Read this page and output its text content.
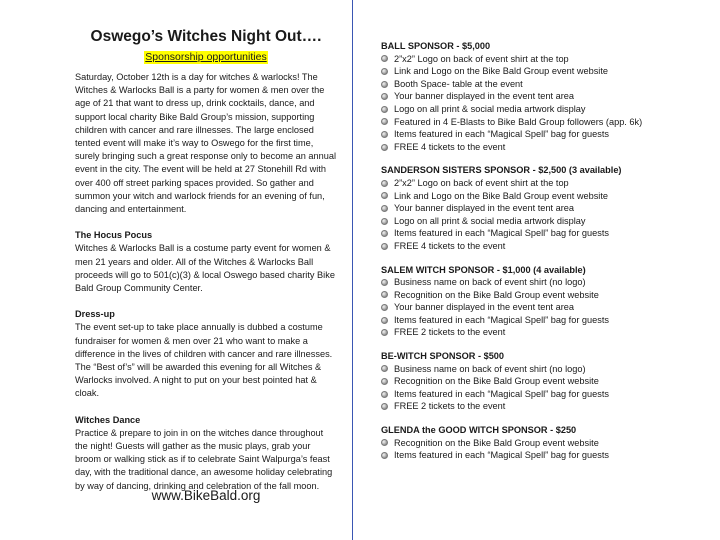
Oswego’s Witches Night Out….
Sponsorship opportunities

Saturday, October 12th is a day for witches & warlocks! The Witches & Warlocks Ball is a party for women & men over the age of 21 that want to dress up, drink cocktails, dance, and support local charity Bike Bald Group’s mission, supporting children with cancer and rare illnesses. The large enclosed tented event will make it’s way to Oswego for the first time, surely bringing such a great response only to become an annual event in the city. The event will be held at 27 Stonehill Rd with over 400 off street parking spaces provided. So gather and summon your witch and warlock friends for an evening of fun, dancing and entertainment.

The Hocus Pocus
Witches & Warlocks Ball is a costume party event for women & men 21 years and older. All of the Witches & Warlocks Ball proceeds will go to 501(c)(3) & local Oswego based charity Bike Bald Group Community Center.

Dress-up
The event set-up to take place annually is dubbed a costume fundraiser for women & men over 21 who want to make a difference in the lives of children with cancer and rare illnesses. The “Best of’s” will be awarded this evening for all Witches & Warlocks involved. A night to put on your best pointed hat & cloak.

Witches Dance
Practice & prepare to join in on the witches dance throughout the night! Guests will gather as the music plays, grab your broom or walking stick as if to celebrate Saint Walpurga’s feast day, with the traditional dance, an awesome holiday celebrating by way of dancing, drinking and celebration of the fall moon.

www.BikeBald.org

BALL SPONSOR - $5,000

2”x2” Logo on back of event shirt at the top
Link and Logo on the Bike Bald Group event website
Booth Space- table at the event
Your banner displayed in the event tent area
Logo on all print & social media artwork display
Featured in 4 E-Blasts to Bike Bald Group followers (app. 6k)
Items featured in each “Magical Spell” bag for guests
FREE 4 tickets to the event

SANDERSON SISTERS SPONSOR - $2,500 (3 available)

2”x2” Logo on back of event shirt at the top
Link and Logo on the Bike Bald Group event website
Your banner displayed in the event tent area
Logo on all print & social media artwork display
Items featured in each “Magical Spell” bag for guests
FREE 4 tickets to the event

SALEM WITCH SPONSOR - $1,000 (4 available)

Business name on back of event shirt (no logo)
Recognition on the Bike Bald Group event website
Your banner displayed in the event tent area
Items featured in each “Magical Spell” bag for guests
FREE 2 tickets to the event

BE-WITCH SPONSOR - $500

Business name on back of event shirt (no logo)
Recognition on the Bike Bald Group event website
Items featured in each “Magical Spell” bag for guests
FREE 2 tickets to the event

GLENDA the GOOD WITCH SPONSOR - $250

Recognition on the Bike Bald Group event website
Items featured in each “Magical Spell” bag for guests
